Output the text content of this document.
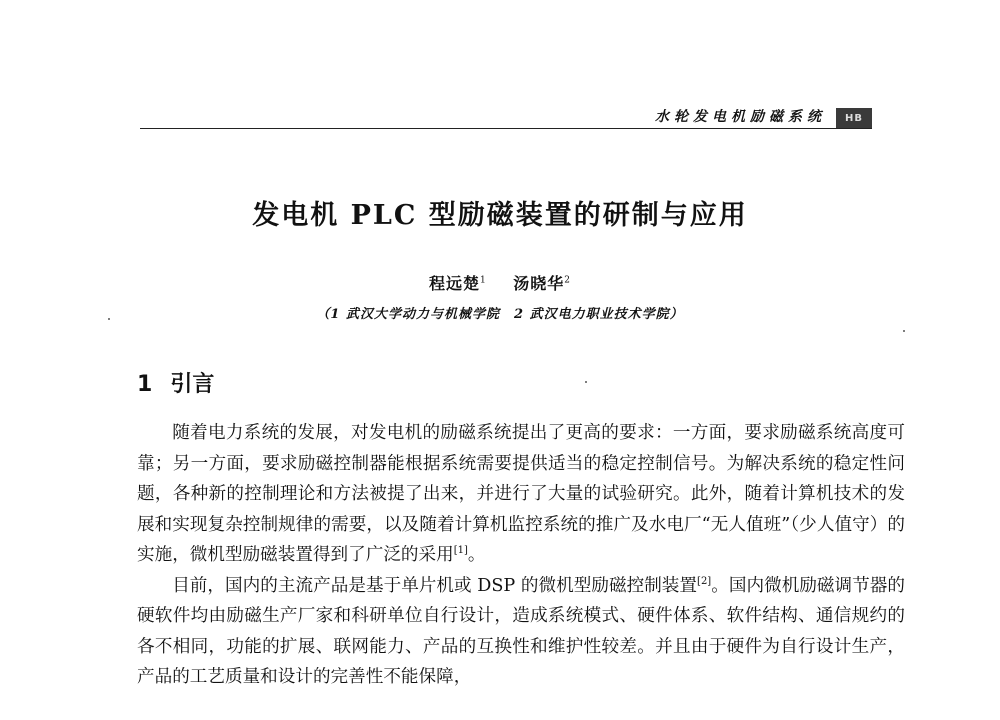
水轮发电机励磁系统	HB
发电机 PLC 型励磁装置的研制与应用
程远楚$^1$ 汤晓华$^2$
（1 武汉大学动力与机械学院　2 武汉电力职业技术学院）
1 引言

随着电力系统的发展，对发电机的励磁系统提出了更高的要求：一方面，要求励磁系统高度可靠；另一方面，要求励磁控制器能根据系统需要提供适当的稳定控制信号。为解决系统的稳定性问题，各种新的控制理论和方法被提了出来，并进行了大量的试验研究。此外，随着计算机技术的发展和实现复杂控制规律的需要，以及随着计算机监控系统的推广及水电厂“无人值班”（少人值守）的实施，微机型励磁装置得到了广泛的采用[1]。

目前，国内的主流产品是基于单片机或 DSP 的微机型励磁控制装置[2]。国内微机励磁调节器的硬软件均由励磁生产厂家和科研单位自行设计，造成系统模式、硬件体系、软件结构、通信规约的各不相同，功能的扩展、联网能力、产品的互换性和维护性较差。并且由于硬件为自行设计生产，产品的工艺质量和设计的完善性不能保障，
